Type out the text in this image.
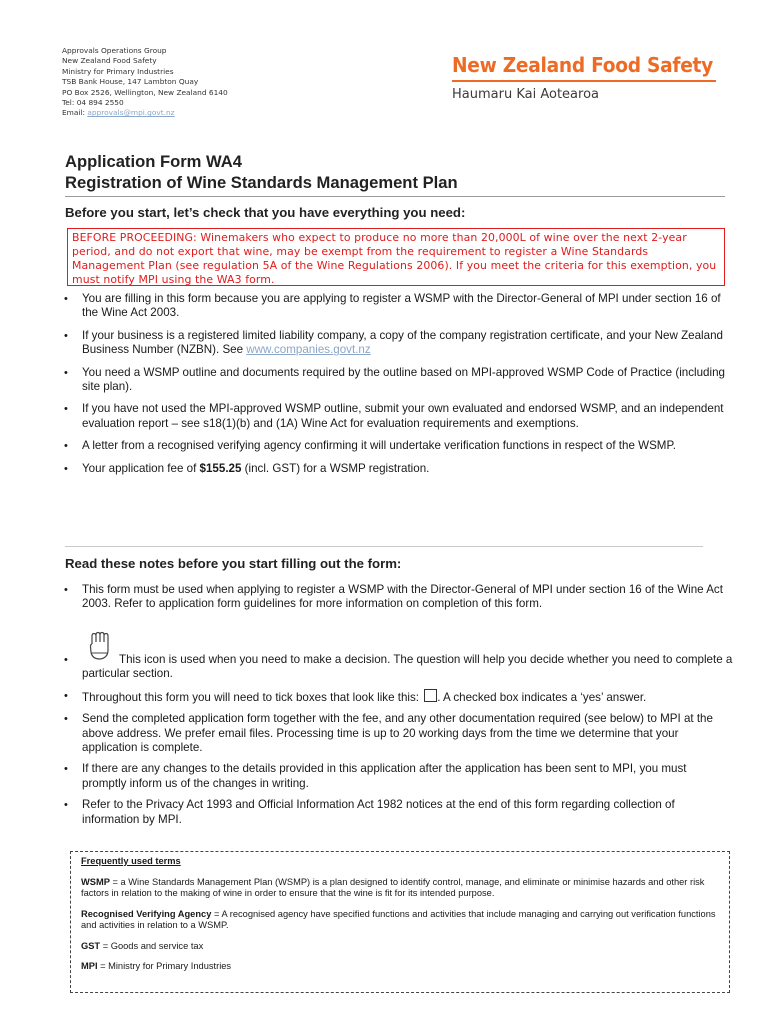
Approvals Operations Group
New Zealand Food Safety
Ministry for Primary Industries
TSB Bank House, 147 Lambton Quay
PO Box 2526, Wellington, New Zealand 6140
Tel: 04 894 2550
Email: approvals@mpi.govt.nz
New Zealand Food Safety
Haumaru Kai Aotearoa
Application Form WA4
Registration of Wine Standards Management Plan
Before you start, let’s check that you have everything you need:
BEFORE PROCEEDING: Winemakers who expect to produce no more than 20,000L of wine over the next 2-year period, and do not export that wine, may be exempt from the requirement to register a Wine Standards Management Plan (see regulation 5A of the Wine Regulations 2006). If you meet the criteria for this exemption, you must notify MPI using the WA3 form.
• You are filling in this form because you are applying to register a WSMP with the Director-General of MPI under section 16 of the Wine Act 2003.
• If your business is a registered limited liability company, a copy of the company registration certificate, and your New Zealand Business Number (NZBN). See www.companies.govt.nz
• You need a WSMP outline and documents required by the outline based on MPI-approved WSMP Code of Practice (including site plan).
• If you have not used the MPI-approved WSMP outline, submit your own evaluated and endorsed WSMP, and an independent evaluation report – see s18(1)(b) and (1A) Wine Act for evaluation requirements and exemptions.
• A letter from a recognised verifying agency confirming it will undertake verification functions in respect of the WSMP.
• Your application fee of $155.25 (incl. GST) for a WSMP registration.
Read these notes before you start filling out the form:
• This form must be used when applying to register a WSMP with the Director-General of MPI under section 16 of the Wine Act 2003. Refer to application form guidelines for more information on completion of this form.
• This icon is used when you need to make a decision. The question will help you decide whether you need to complete a particular section.
• Throughout this form you will need to tick boxes that look like this: . A checked box indicates a ‘yes’ answer.
• Send the completed application form together with the fee, and any other documentation required (see below) to MPI at the above address. We prefer email files. Processing time is up to 20 working days from the time we determine that your application is complete.
• If there are any changes to the details provided in this application after the application has been sent to MPI, you must promptly inform us of the changes in writing.
• Refer to the Privacy Act 1993 and Official Information Act 1982 notices at the end of this form regarding collection of information by MPI.
Frequently used terms

WSMP = a Wine Standards Management Plan (WSMP) is a plan designed to identify control, manage, and eliminate or minimise hazards and other risk factors in relation to the making of wine in order to ensure that the wine is fit for its intended purpose.

Recognised Verifying Agency = A recognised agency have specified functions and activities that include managing and carrying out verification functions and activities in relation to a WSMP.

GST = Goods and service tax

MPI = Ministry for Primary Industries
